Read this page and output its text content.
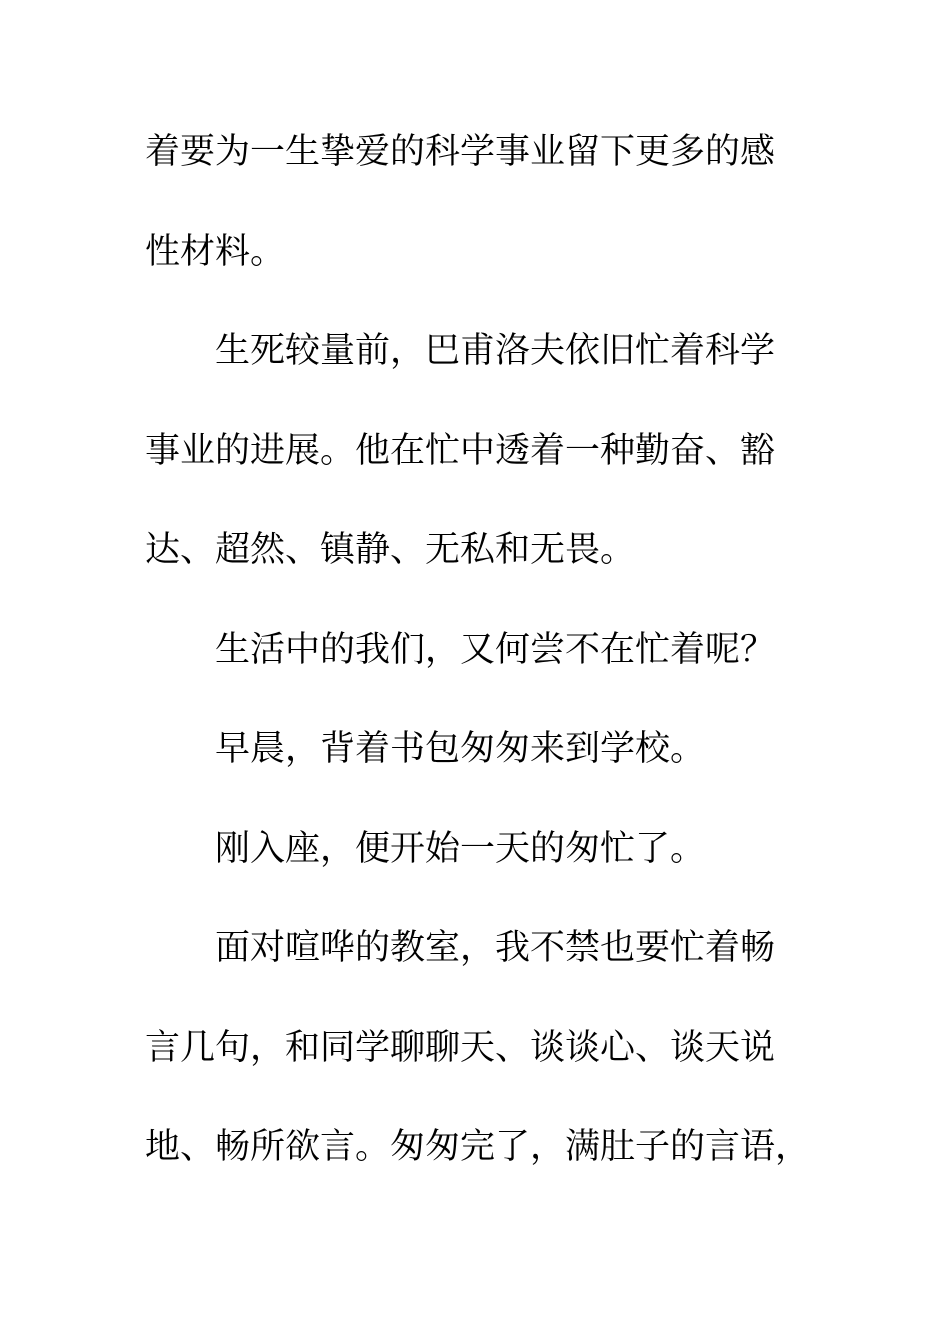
着要为一生挚爱的科学事业留下更多的感
性材料。
生死较量前，巴甫洛夫依旧忙着科学
事业的进展。他在忙中透着一种勤奋、豁
达、超然、镇静、无私和无畏。
生活中的我们，又何尝不在忙着呢？
早晨，背着书包匆匆来到学校。
刚入座，便开始一天的匆忙了。
面对喧哗的教室，我不禁也要忙着畅
言几句，和同学聊聊天、谈谈心、谈天说
地、畅所欲言。匆匆完了，满肚子的言语，
